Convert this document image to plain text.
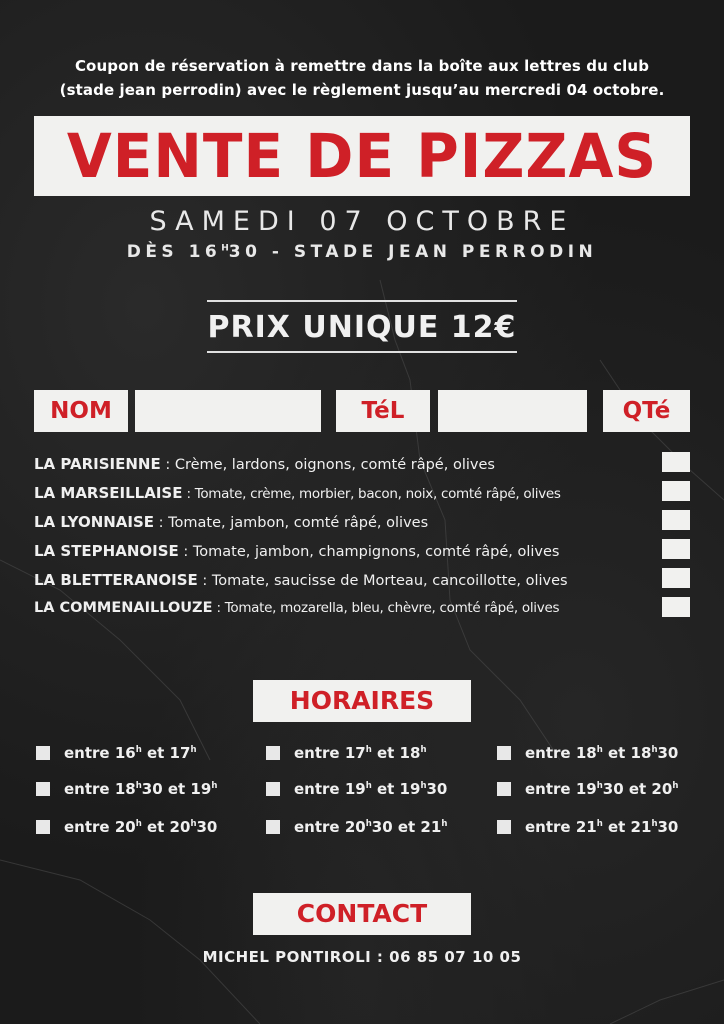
Coupon de réservation à remettre dans la boîte aux lettres du club
(stade jean perrodin) avec le règlement jusqu’au mercredi 04 octobre.
VENTE DE PIZZAS
SAMEDI 07 OCTOBRE
DÈS $16^H30$ - STADE JEAN PERRODIN
PRIX UNIQUE 12€
NOM	TéL	QTé
LA PARISIENNE : Crème, lardons, oignons, comté râpé, olives
LA MARSEILLAISE : Tomate, crème, morbier, bacon, noix, comté râpé, olives
LA LYONNAISE : Tomate, jambon, comté râpé, olives
LA STEPHANOISE : Tomate, jambon, champignons, comté râpé, olives
LA BLETTERANOISE : Tomate, saucisse de Morteau, cancoillotte, olives
LA COMMENAILLOUZE : Tomate, mozarella, bleu, chèvre, comté râpé, olives
HORAIRES
entre 16$^h$ et 17$^h$	entre 17$^h$ et 18$^h$	entre 18$^h$ et 18$^h$30
entre 18$^h$30 et 19$^h$	entre 19$^h$ et 19$^h$30	entre 19$^h$30 et 20$^h$
entre 20$^h$ et 20$^h$30	entre 20$^h$30 et 21$^h$	entre 21$^h$ et 21$^h$30
CONTACT
MICHEL PONTIROLI : 06 85 07 10 05
